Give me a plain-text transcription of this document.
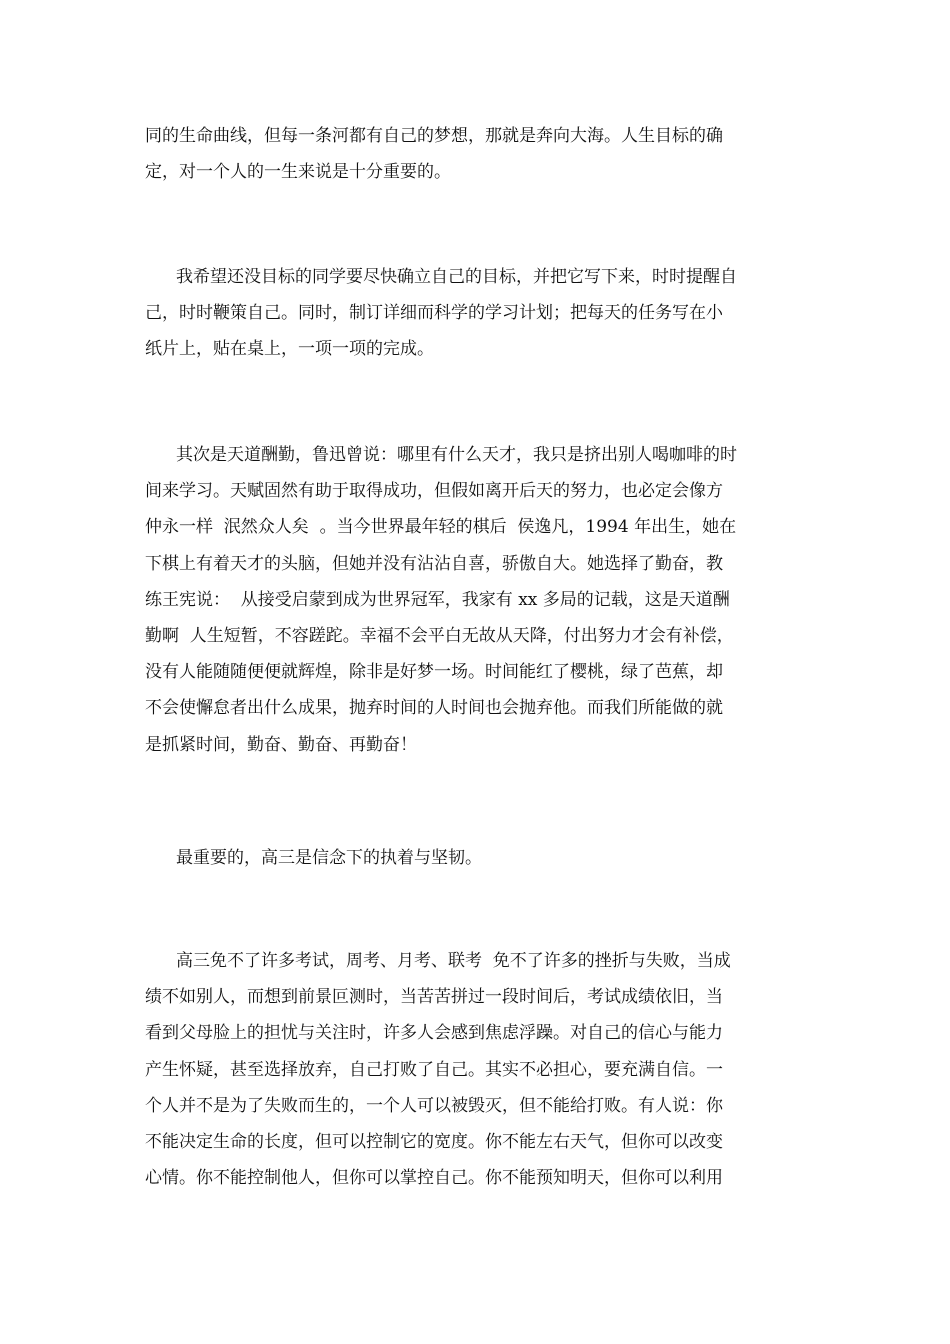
同的生命曲线，但每一条河都有自己的梦想，那就是奔向大海。人生目标的确
定，对一个人的一生来说是十分重要的。
我希望还没目标的同学要尽快确立自己的目标，并把它写下来，时时提醒自
己，时时鞭策自己。同时，制订详细而科学的学习计划；把每天的任务写在小
纸片上，贴在桌上，一项一项的完成。
其次是天道酬勤，鲁迅曾说：哪里有什么天才，我只是挤出别人喝咖啡的时
间来学习。天赋固然有助于取得成功，但假如离开后天的努力，也必定会像方
仲永一样  泯然众人矣  。当今世界最年轻的棋后  侯逸凡，1994 年出生，她在
下棋上有着天才的头脑，但她并没有沾沾自喜，骄傲自大。她选择了勤奋，教
练王宪说：  从接受启蒙到成为世界冠军，我家有 xx 多局的记载，这是天道酬
勤啊  人生短暂，不容蹉跎。幸福不会平白无故从天降，付出努力才会有补偿，
没有人能随随便便就辉煌，除非是好梦一场。时间能红了樱桃，绿了芭蕉，却
不会使懈怠者出什么成果，抛弃时间的人时间也会抛弃他。而我们所能做的就
是抓紧时间，勤奋、勤奋、再勤奋！
最重要的，高三是信念下的执着与坚韧。
高三免不了许多考试，周考、月考、联考  免不了许多的挫折与失败，当成
绩不如别人，而想到前景叵测时，当苦苦拼过一段时间后，考试成绩依旧，当
看到父母脸上的担忧与关注时，许多人会感到焦虑浮躁。对自己的信心与能力
产生怀疑，甚至选择放弃，自己打败了自己。其实不必担心，要充满自信。一
个人并不是为了失败而生的，一个人可以被毁灭，但不能给打败。有人说：你
不能决定生命的长度，但可以控制它的宽度。你不能左右天气，但你可以改变
心情。你不能控制他人，但你可以掌控自己。你不能预知明天，但你可以利用
